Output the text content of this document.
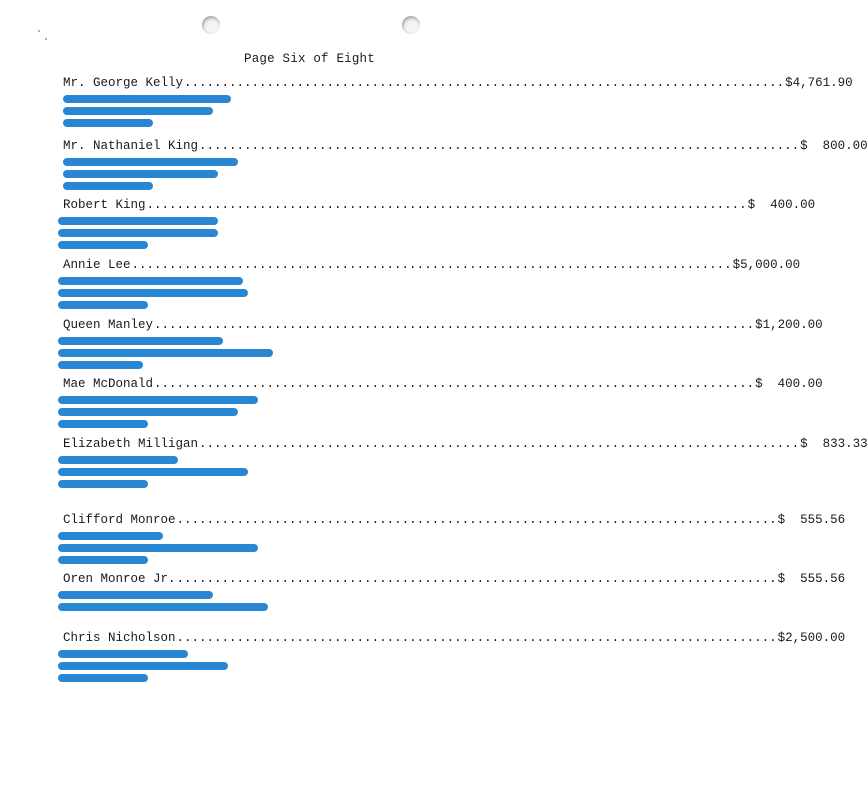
Page Six of Eight
Mr. George Kelly ................................................................................ $4,761.90
Mr. Nathaniel King ................................................................................ $  800.00
Robert King ................................................................................ $  400.00
Annie Lee ................................................................................ $5,000.00
Queen Manley ................................................................................ $1,200.00
Mae McDonald ................................................................................ $  400.00
Elizabeth Milligan ................................................................................ $  833.33
Clifford Monroe ................................................................................ $  555.56
Oren Monroe Jr. ................................................................................ $  555.56
Chris Nicholson ................................................................................ $2,500.00
